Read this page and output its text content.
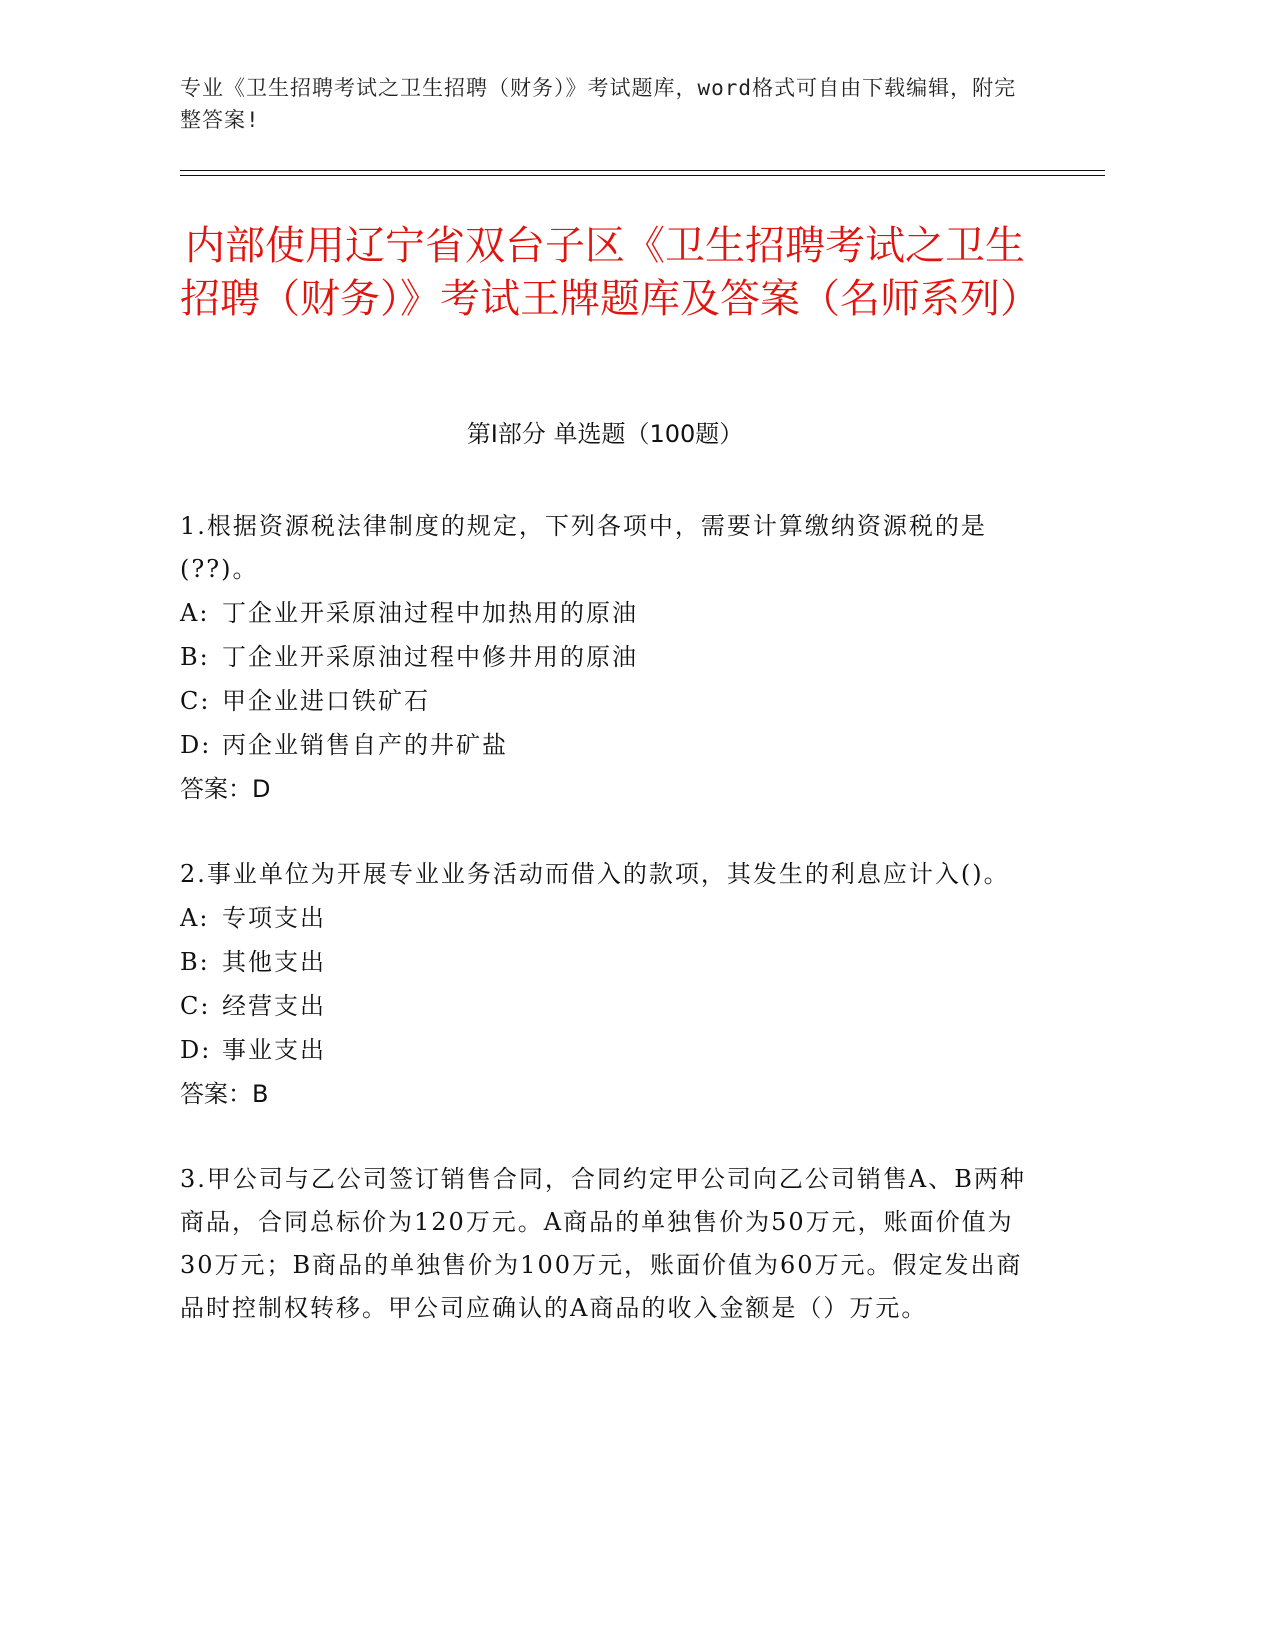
专业《卫生招聘考试之卫生招聘（财务）》考试题库，word格式可自由下载编辑，附完整答案!
内部使用辽宁省双台子区《卫生招聘考试之卫生招聘（财务）》考试王牌题库及答案（名师系列）
第I部分 单选题（100题）

1.根据资源税法律制度的规定，下列各项中，需要计算缴纳资源税的是(??)。

A: 丁企业开采原油过程中加热用的原油

B: 丁企业开采原油过程中修井用的原油

C: 甲企业进口铁矿石

D: 丙企业销售自产的井矿盐

答案：D

2.事业单位为开展专业业务活动而借入的款项，其发生的利息应计入()。

A: 专项支出

B: 其他支出

C: 经营支出

D: 事业支出

答案：B

3.甲公司与乙公司签订销售合同，合同约定甲公司向乙公司销售A、B两种商品，合同总标价为120万元。A商品的单独售价为50万元，账面价值为30万元；B商品的单独售价为100万元，账面价值为60万元。假定发出商品时控制权转移。甲公司应确认的A商品的收入金额是（）万元。
